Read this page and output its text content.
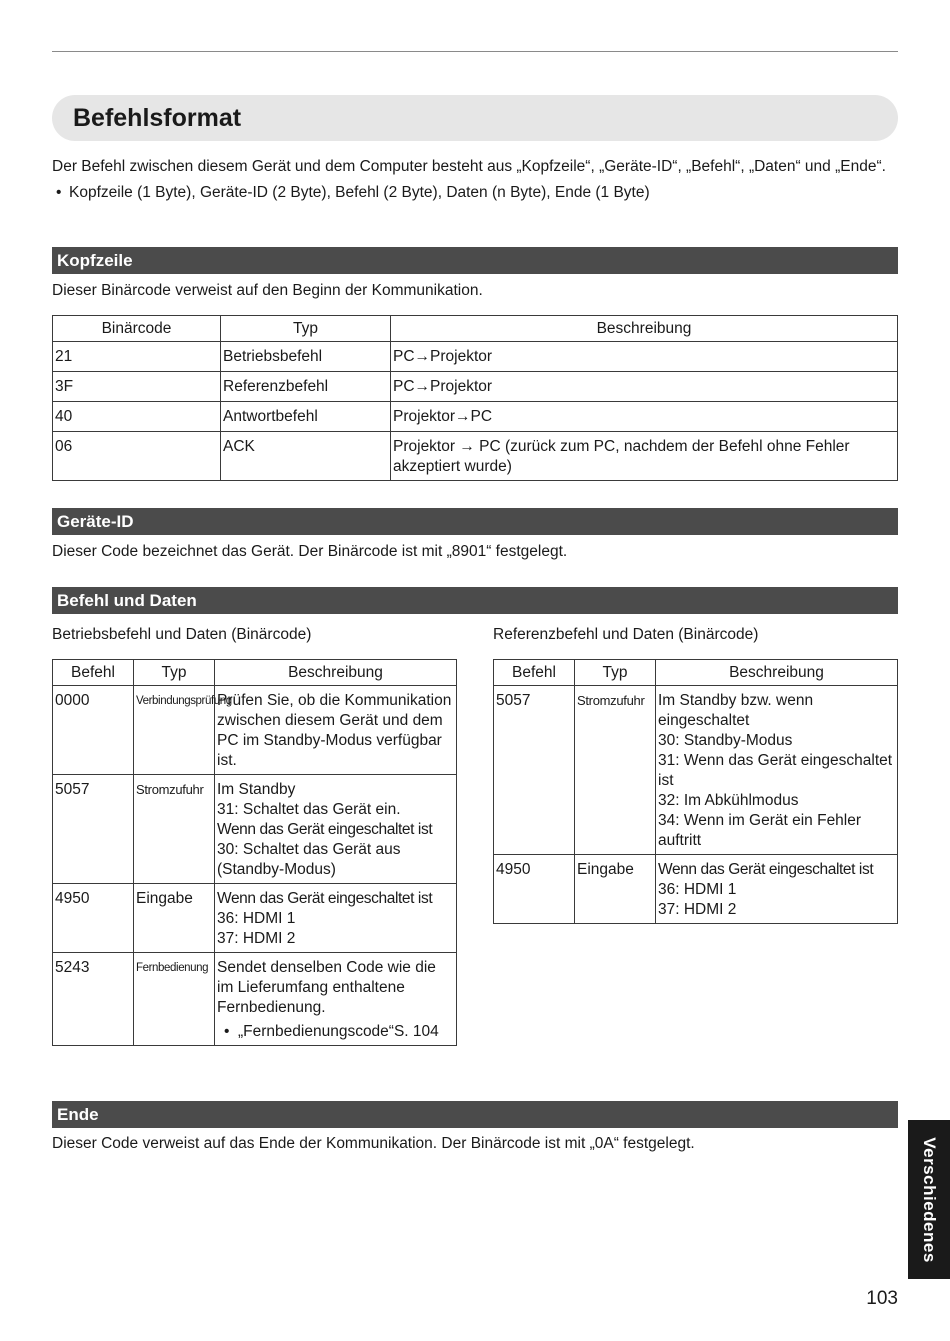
Befehlsformat

Der Befehl zwischen diesem Gerät und dem Computer besteht aus „Kopfzeile“, „Geräte-ID“, „Befehl“, „Daten“ und „Ende“.

• Kopfzeile (1 Byte), Geräte-ID (2 Byte), Befehl (2 Byte), Daten (n Byte), Ende (1 Byte)
Kopfzeile
Dieser Binärcode verweist auf den Beginn der Kommunikation.
Binärcode	Typ	Beschreibung
21	Betriebsbefehl	PC→Projektor
3F	Referenzbefehl	PC→Projektor
40	Antwortbefehl	Projektor→PC
06	ACK	Projektor → PC (zurück zum PC, nachdem der Befehl ohne Fehler akzeptiert wurde)
Geräte-ID
Dieser Code bezeichnet das Gerät. Der Binärcode ist mit „8901“ festgelegt.
Befehl und Daten
Betriebsbefehl und Daten (Binärcode)	Referenzbefehl und Daten (Binärcode)
Befehl	Typ	Beschreibung
0000	Verbindungsprüfung	Prüfen Sie, ob die Kommunikation zwischen diesem Gerät und dem PC im Standby-Modus verfügbar ist.
5057	Stromzufuhr	Im Standby
31: Schaltet das Gerät ein.
Wenn das Gerät eingeschaltet ist
30: Schaltet das Gerät aus (Standby-Modus)

4950	Eingabe	Wenn das Gerät eingeschaltet ist
36: HDMI 1
37: HDMI 2

5243	Fernbedienung	Sendet denselben Code wie die im Lieferumfang enthaltene Fernbedienung.
• „Fernbedienungscode“S. 104
Befehl	Typ	Beschreibung
5057	Stromzufuhr	Im Standby bzw. wenn eingeschaltet
30: Standby-Modus
31: Wenn das Gerät eingeschaltet ist
32: Im Abkühlmodus
34: Wenn im Gerät ein Fehler auftritt

4950	Eingabe	Wenn das Gerät eingeschaltet ist
36: HDMI 1
37: HDMI 2
Ende
Dieser Code verweist auf das Ende der Kommunikation. Der Binärcode ist mit „0A“ festgelegt.	Verschiedenes
103
